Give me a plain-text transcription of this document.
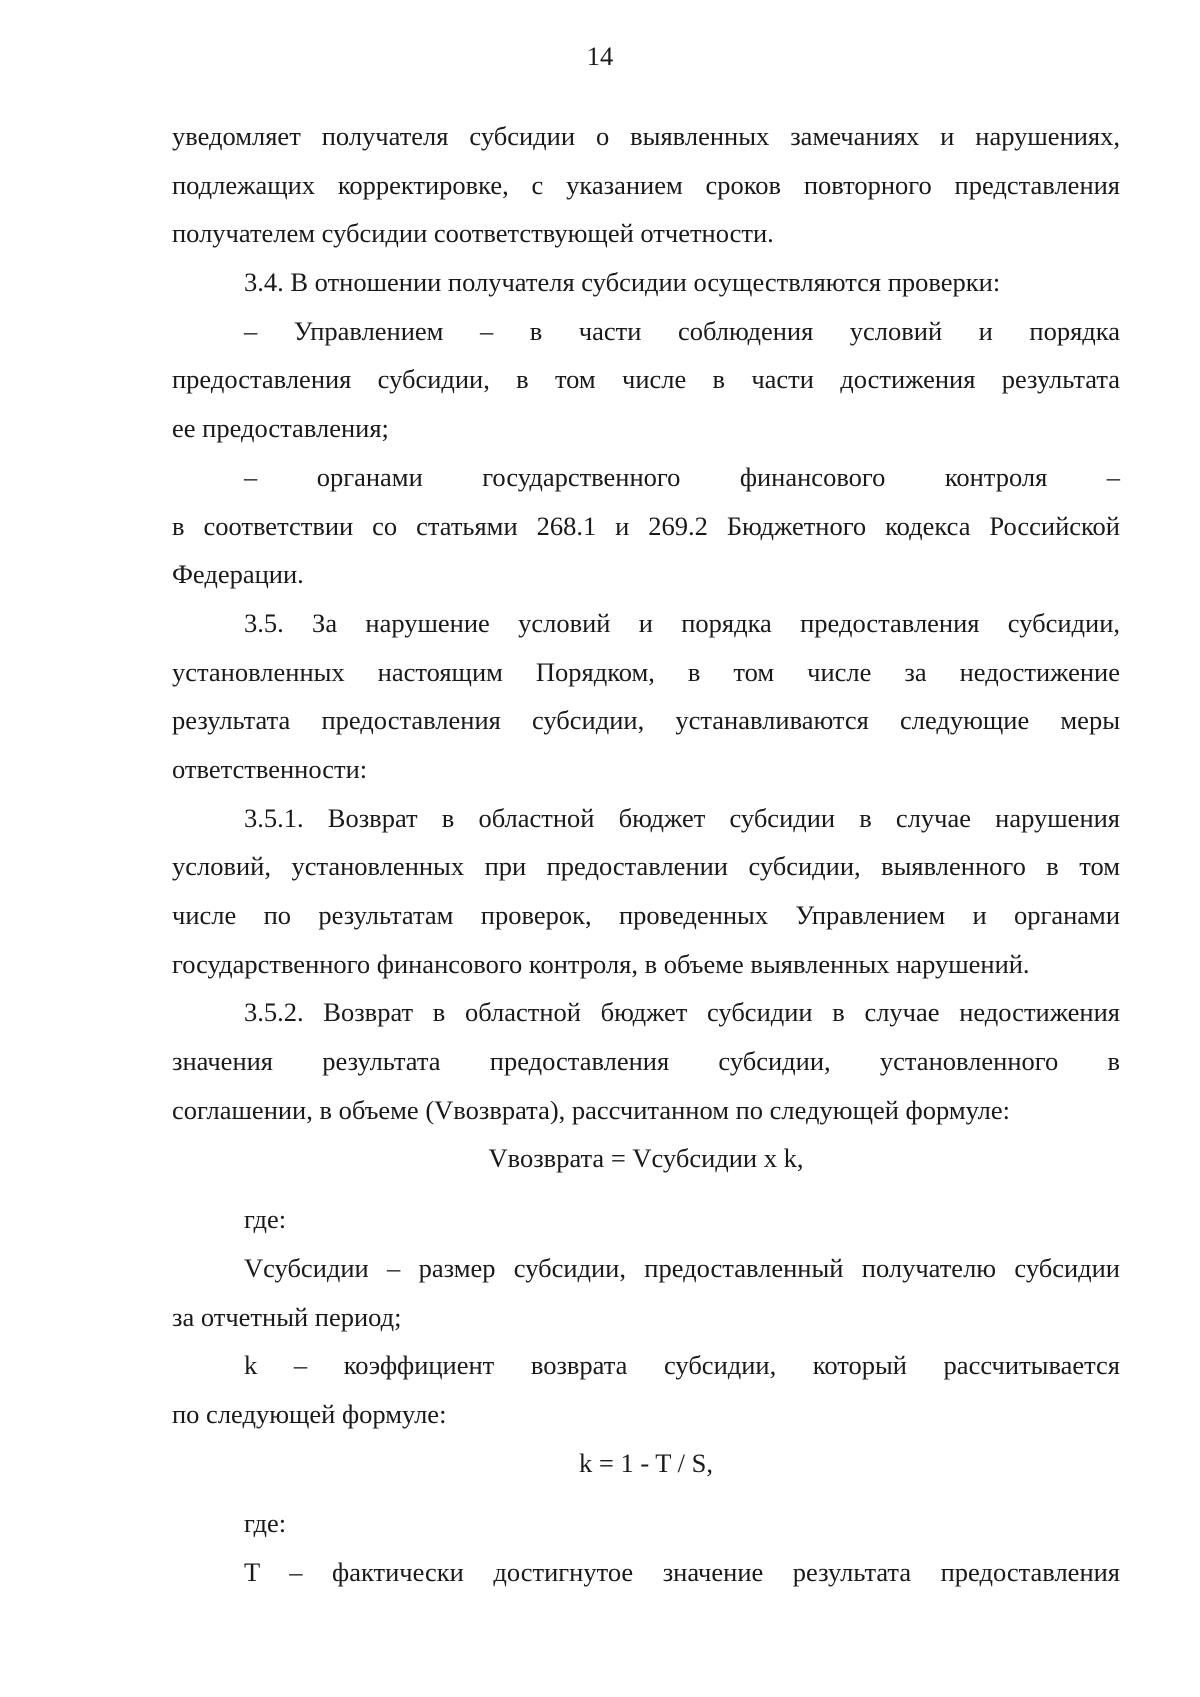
14
уведомляет получателя субсидии о выявленных замечаниях и нарушениях,
подлежащих корректировке, с указанием сроков повторного представления
получателем субсидии соответствующей отчетности.
3.4. В отношении получателя субсидии осуществляются проверки:
– Управлением – в части соблюдения условий и порядка
предоставления субсидии, в том числе в части достижения результата
ее предоставления;
– органами государственного финансового контроля –
в соответствии со статьями 268.1 и 269.2 Бюджетного кодекса Российской
Федерации.
3.5. За нарушение условий и порядка предоставления субсидии,
установленных настоящим Порядком, в том числе за недостижение
результата предоставления субсидии, устанавливаются следующие меры
ответственности:
3.5.1. Возврат в областной бюджет субсидии в случае нарушения
условий, установленных при предоставлении субсидии, выявленного в том
числе по результатам проверок, проведенных Управлением и органами
государственного финансового контроля, в объеме выявленных нарушений.
3.5.2. Возврат в областной бюджет субсидии в случае недостижения
значения результата предоставления субсидии, установленного в
соглашении, в объеме (Vвозврата), рассчитанном по следующей формуле:
Vвозврата = Vсубсидии x k,
где:
Vсубсидии – размер субсидии, предоставленный получателю субсидии
за отчетный период;
k – коэффициент возврата субсидии, который рассчитывается
по следующей формуле:
k = 1 - T / S,
где:
T – фактически достигнутое значение результата предоставления
